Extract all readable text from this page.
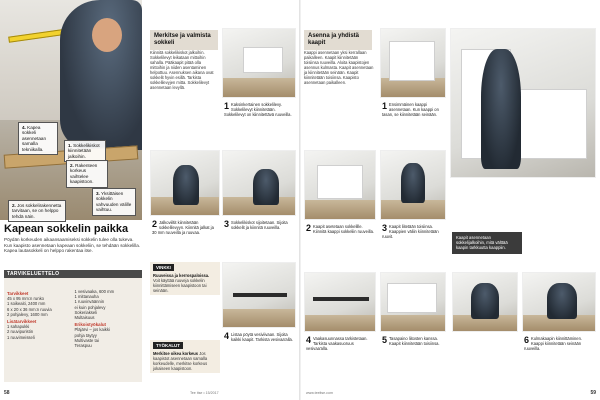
4. Kapea sokkeli asennetaan samalla tekniikalla.
1. Sokkelikiskot kiinnitetään jalkoihin.
3. Yksittäisen sokkelin vahvuuden välille vaihtuu.
2. Rakenteen korkeus vaihtelee kaapistoon.
2. Jos sokkelirakennetta tarvitaan, se on helppo tehdä näin.
Kapean sokkelin paikka
Pöydän korkeuden aikaansaamiseksi sokkelin tulee olla tukeva. Kun kaapisto asennetaan kapeaan sokkeliin, se tehdään sokkelilla. Kapea lautasokkeli on helppo rakentaa itse.
Tarvikkeet
45 x 95 mm:n runko
1 soikeaiti, 2400 mm
6 x 20 x 36 mm:n ruuvia
2 pohjalevy, 1600 mm
Lisätarvikkeet
1 sahapukki
2 ruuvipuristin
1 ruuvimeisseli
1 vesivaaka, 600 mm
1 mittanauha
1 ruuvinväännin
ei kuin pohjalevy
Sokeriakseli
Multaisuus
Erikoistyökalut
Pläjärvi – jos kaikki
pohja täytyy
Multivaste tai
Teraspuu
TARVIKELUETTELO
58	Tee itse • 15/2017
Merkitse ja valmista sokkeli
Kiinnitä sokkelikiskot jalkoihin. Sokkelilevyt leikataan mittoihin sahalla. Pääkaapit pitää olla mittoihin ja niiden asentaminen helpottuu. Asennuksen aikana ovat sokkelit hyvin esillä. Tarkista sokkelilevyjen mitta. Sokkelilevyt asennetaan levyllä.
1 Kaksinkertainen sokkelilevy. Sokkelilevyt kiinnitetään. Sokkelilevyt on kiinnitettävä ruuveilla.
2 Jalkoviiltit kiinnitetään sokkelilevyyn. Kiinnitä jalkat ja 30 mm ruuveilla ja ruuvaa.
3 Sokkelikiskot sijoitetaan. Sijoita sokkelit ja kiinnitä ruuveilla.
VINKKI
Ruuveissa ja kerrospaloissa. Voit käyttää ruuveja sokkelin kiinnittämiseen kaapistoon tai seinään.
TYÖKALUT
Merkitse oikea korkeus Jos kaapistot asennetaan samalla korkeudelle, merkitse korkeus jokaiseen kaapistoon.
4 Listaa pöytä vesiviivaan. Sijoita kaikki kaapit. Tarkista vesivaa'alla.
Asenna ja yhdistä kaapit
Kaappi asennetaan yksi kerrallaan paikalleen. Kaapit kiinnitetään toisiinsa ruuveilla. Aloita kaapistojen asennus kulmasta. Kaapit asennetaan ja kiinnitetään seinään. Kaapit kiinnitetään toisiinsa. Kaapisto asennetaan paikalleen.
1 Ensimmäinen kaappi asennetaan. Kun kaappi on tasan, se kiinnitetään seinään.
2 Kaapit asetetaan sokkelille. Kiinnitä kaappi sokkeliin ruuveilla. 3 Kaapit liitetään toisiinsa. Kaappien väliin kiinnitetään ruuvit.	Kaapit asennetaan sokkelijalkoihin, mitä välttää kaapin tarkkuutta kaappiin.
4 Vaakasuunnassa tarkistetaan. Tarkista vaakasuoruus vesivaa'alla.
5 Tasapaino liitosten kanssa. Kaapit kiinnitetään toisiinsa.	6 Kulmakaapin kiinnittäminen. Kaappi kiinnitetään seinään ruuveilla.
www.teeitse.com	59
